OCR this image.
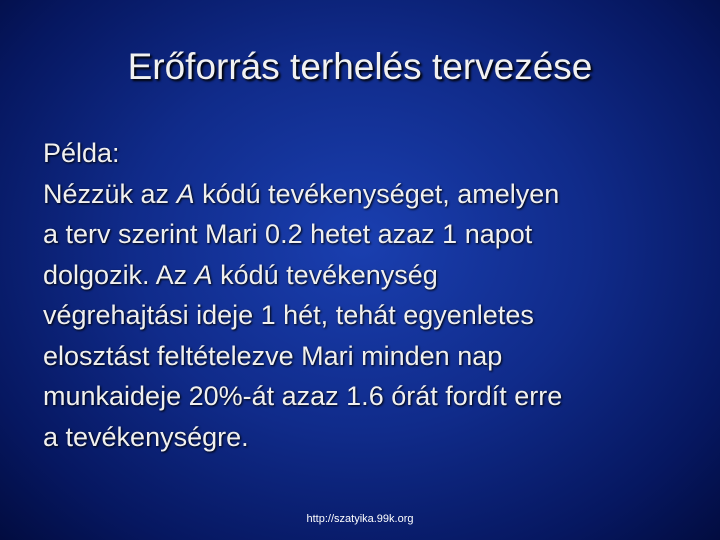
Erőforrás terhelés tervezése
Példa:
Nézzük az A kódú tevékenységet, amelyen
a terv szerint Mari 0.2 hetet azaz 1 napot
dolgozik. Az A kódú tevékenység
végrehajtási ideje 1 hét, tehát egyenletes
elosztást feltételezve Mari minden nap
munkaideje 20%-át azaz 1.6 órát fordít erre
a tevékenységre.
http://szatyika.99k.org
